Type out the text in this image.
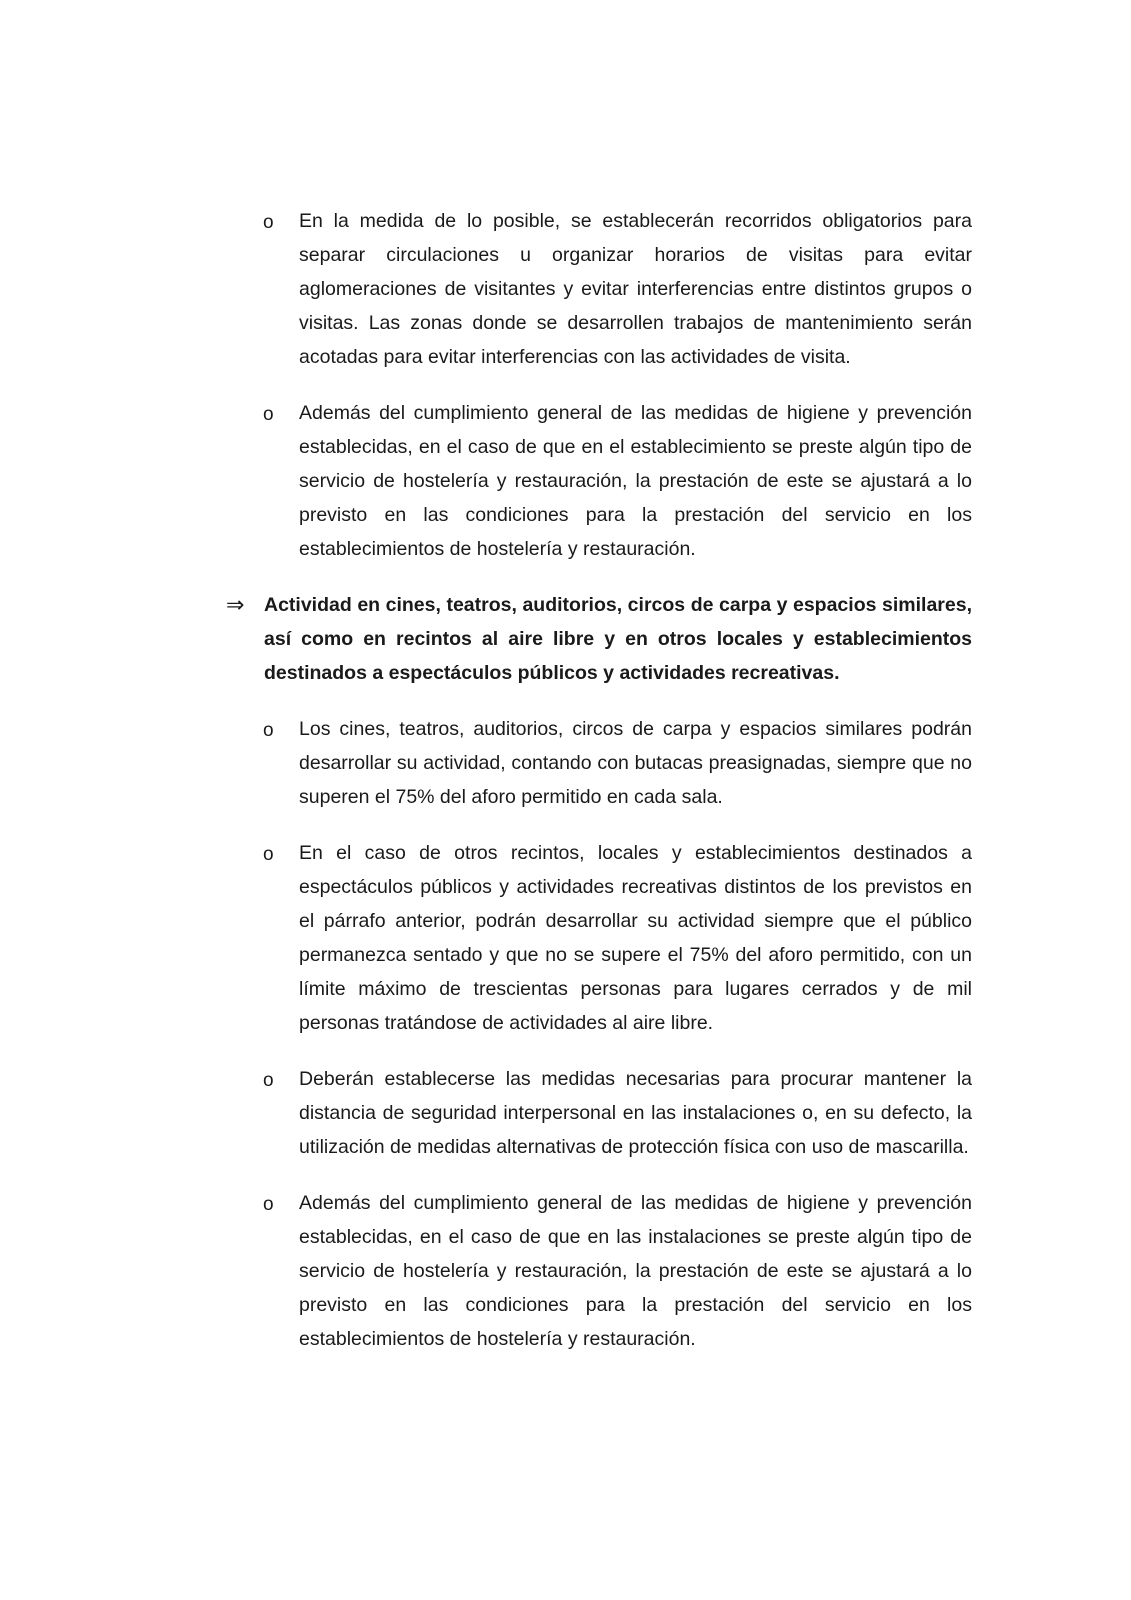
o En la medida de lo posible, se establecerán recorridos obligatorios para separar circulaciones u organizar horarios de visitas para evitar aglomeraciones de visitantes y evitar interferencias entre distintos grupos o visitas. Las zonas donde se desarrollen trabajos de mantenimiento serán acotadas para evitar interferencias con las actividades de visita.

o Además del cumplimiento general de las medidas de higiene y prevención establecidas, en el caso de que en el establecimiento se preste algún tipo de servicio de hostelería y restauración, la prestación de este se ajustará a lo previsto en las condiciones para la prestación del servicio en los establecimientos de hostelería y restauración.

⇒ Actividad en cines, teatros, auditorios, circos de carpa y espacios similares, así como en recintos al aire libre y en otros locales y establecimientos destinados a espectáculos públicos y actividades recreativas.

o Los cines, teatros, auditorios, circos de carpa y espacios similares podrán desarrollar su actividad, contando con butacas preasignadas, siempre que no superen el 75% del aforo permitido en cada sala.

o En el caso de otros recintos, locales y establecimientos destinados a espectáculos públicos y actividades recreativas distintos de los previstos en el párrafo anterior, podrán desarrollar su actividad siempre que el público permanezca sentado y que no se supere el 75% del aforo permitido, con un límite máximo de trescientas personas para lugares cerrados y de mil personas tratándose de actividades al aire libre.

o Deberán establecerse las medidas necesarias para procurar mantener la distancia de seguridad interpersonal en las instalaciones o, en su defecto, la utilización de medidas alternativas de protección física con uso de mascarilla.

o Además del cumplimiento general de las medidas de higiene y prevención establecidas, en el caso de que en las instalaciones se preste algún tipo de servicio de hostelería y restauración, la prestación de este se ajustará a lo previsto en las condiciones para la prestación del servicio en los establecimientos de hostelería y restauración.
